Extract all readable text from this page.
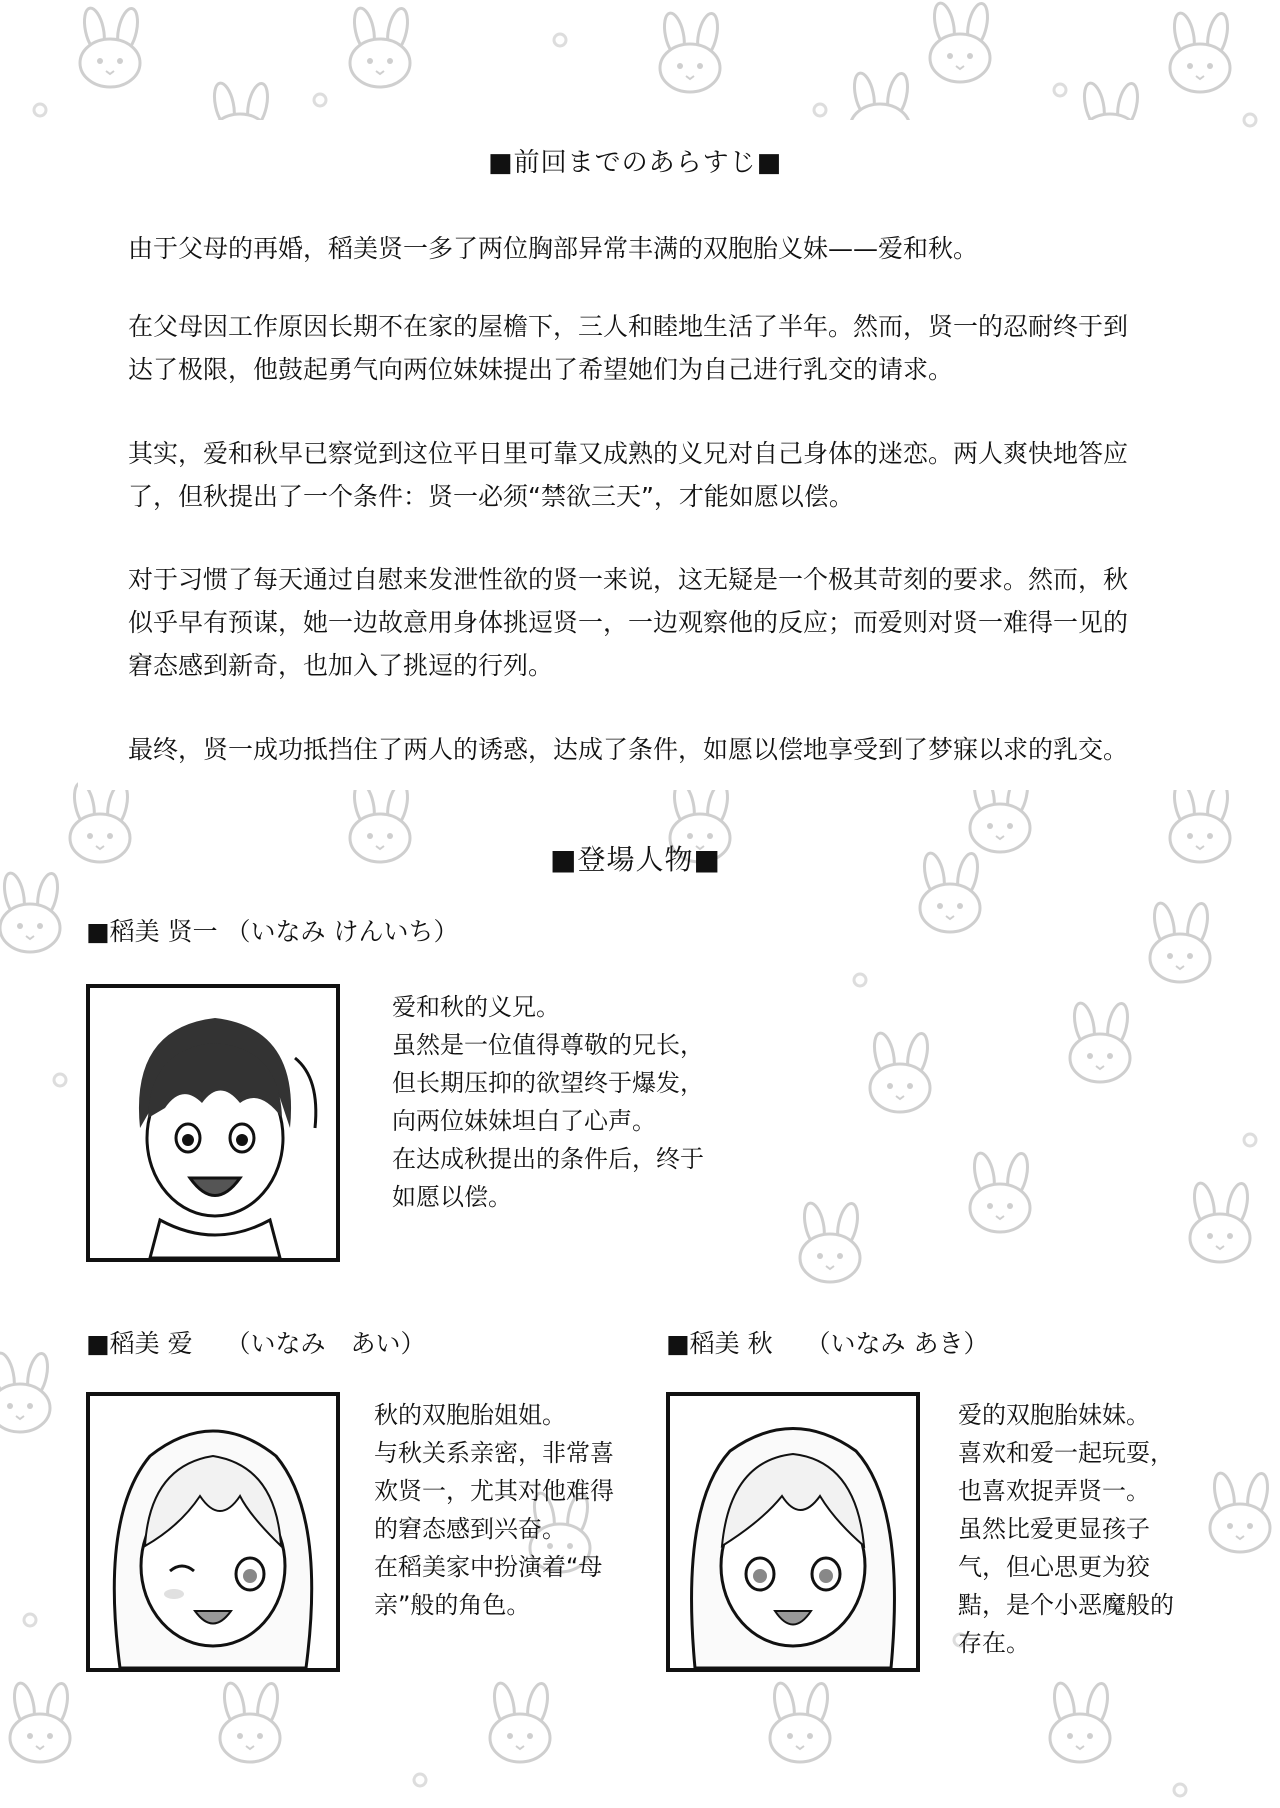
■前回までのあらすじ■

由于父母的再婚，稻美贤一多了两位胸部异常丰满的双胞胎义妹——爱和秋。

在父母因工作原因长期不在家的屋檐下，三人和睦地生活了半年。然而，贤一的忍耐终于到
达了极限，他鼓起勇气向两位妹妹提出了希望她们为自己进行乳交的请求。

其实，爱和秋早已察觉到这位平日里可靠又成熟的义兄对自己身体的迷恋。两人爽快地答应
了，但秋提出了一个条件：贤一必须“禁欲三天”，才能如愿以偿。

对于习惯了每天通过自慰来发泄性欲的贤一来说，这无疑是一个极其苛刻的要求。然而，秋
似乎早有预谋，她一边故意用身体挑逗贤一，一边观察他的反应；而爱则对贤一难得一见的
窘态感到新奇，也加入了挑逗的行列。

最终，贤一成功抵挡住了两人的诱惑，达成了条件，如愿以偿地享受到了梦寐以求的乳交。

■登場人物■
■稻美 贤一 （いなみ けんいち）

爱和秋的义兄。
虽然是一位值得尊敬的兄长，
但长期压抑的欲望终于爆发，
向两位妹妹坦白了心声。
在达成秋提出的条件后，终于
如愿以偿。

■稻美 爱　 （いなみ　あい）

秋的双胞胎姐姐。
与秋关系亲密，非常喜
欢贤一，尤其对他难得
的窘态感到兴奋。
在稻美家中扮演着“母
亲”般的角色。

■稻美 秋　 （いなみ あき）

爱的双胞胎妹妹。
喜欢和爱一起玩耍，
也喜欢捉弄贤一。
虽然比爱更显孩子
气，但心思更为狡
黠，是个小恶魔般的
存在。
